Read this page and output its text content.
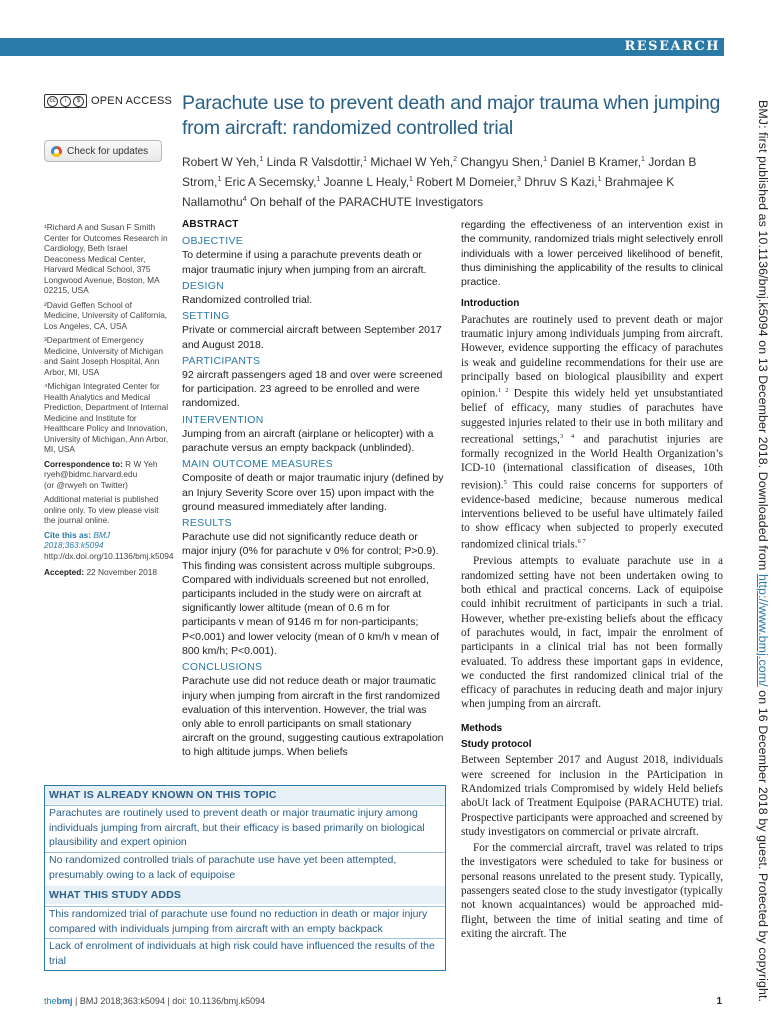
RESEARCH
cc	i	$ OPEN ACCESS
Check for updates
Parachute use to prevent death and major trauma when jumping from aircraft: randomized controlled trial
Robert W Yeh,$^1$ Linda R Valsdottir,$^1$ Michael W Yeh,$^2$ Changyu Shen,$^1$ Daniel B Kramer,$^1$ Jordan B Strom,$^1$ Eric A Secemsky,$^1$ Joanne L Healy,$^1$ Robert M Domeier,$^3$ Dhruv S Kazi,$^1$ Brahmajee K Nallamothu$^4$ On behalf of the PARACHUTE Investigators

¹Richard A and Susan F Smith Center for Outcomes Research in Cardiology, Beth Israel Deaconess Medical Center, Harvard Medical School, 375 Longwood Avenue, Boston, MA 02215, USA

²David Geffen School of Medicine, University of California, Los Angeles, CA, USA

³Department of Emergency Medicine, University of Michigan and Saint Joseph Hospital, Ann Arbor, MI, USA

⁴Michigan Integrated Center for Health Analytics and Medical Prediction, Department of Internal Medicine and Institute for Healthcare Policy and Innovation, University of Michigan, Ann Arbor, MI, USA

Correspondence to: R W Yeh
ryeh@bidmc.harvard.edu
(or @rwyeh on Twitter)

Additional material is published online only. To view please visit the journal online.

Cite this as: BMJ 2018;363:k5094
http://dx.doi.org/10.1136/bmj.k5094

Accepted: 22 November 2018

ABSTRACT
OBJECTIVE

To determine if using a parachute prevents death or major traumatic injury when jumping from an aircraft.

DESIGN

Randomized controlled trial.

SETTING

Private or commercial aircraft between September 2017 and August 2018.

PARTICIPANTS

92 aircraft passengers aged 18 and over were screened for participation. 23 agreed to be enrolled and were randomized.

INTERVENTION

Jumping from an aircraft (airplane or helicopter) with a parachute versus an empty backpack (unblinded).

MAIN OUTCOME MEASURES

Composite of death or major traumatic injury (defined by an Injury Severity Score over 15) upon impact with the ground measured immediately after landing.

RESULTS

Parachute use did not significantly reduce death or major injury (0% for parachute v 0% for control; P>0.9). This finding was consistent across multiple subgroups. Compared with individuals screened but not enrolled, participants included in the study were on aircraft at significantly lower altitude (mean of 0.6 m for participants v mean of 9146 m for non-participants; P<0.001) and lower velocity (mean of 0 km/h v mean of 800 km/h; P<0.001).

CONCLUSIONS

Parachute use did not reduce death or major traumatic injury when jumping from aircraft in the first randomized evaluation of this intervention. However, the trial was only able to enroll participants on small stationary aircraft on the ground, suggesting cautious extrapolation to high altitude jumps. When beliefs

regarding the effectiveness of an intervention exist in the community, randomized trials might selectively enroll individuals with a lower perceived likelihood of benefit, thus diminishing the applicability of the results to clinical practice.

Introduction

Parachutes are routinely used to prevent death or major traumatic injury among individuals jumping from aircraft. However, evidence supporting the efficacy of parachutes is weak and guideline recommendations for their use are principally based on biological plausibility and expert opinion.$^{1 2}$ Despite this widely held yet unsubstantiated belief of efficacy, many studies of parachutes have suggested injuries related to their use in both military and recreational settings,$^{3 4}$ and parachutist injuries are formally recognized in the World Health Organization’s ICD-10 (international classification of diseases, 10th revision).$^5$ This could raise concerns for supporters of evidence-based medicine, because numerous medical interventions believed to be useful have ultimately failed to show efficacy when subjected to properly executed randomized clinical trials.$^{6 7}$

Previous attempts to evaluate parachute use in a randomized setting have not been undertaken owing to both ethical and practical concerns. Lack of equipoise could inhibit recruitment of participants in such a trial. However, whether pre-existing beliefs about the efficacy of parachutes would, in fact, impair the enrolment of participants in a clinical trial has not been formally evaluated. To address these important gaps in evidence, we conducted the first randomized clinical trial of the efficacy of parachutes in reducing death and major injury when jumping from an aircraft.

Methods
Study protocol

Between September 2017 and August 2018, individuals were screened for inclusion in the PArticipation in RAndomized trials Compromised by widely Held beliefs aboUt lack of Treatment Equipoise (PARACHUTE) trial. Prospective participants were approached and screened by study investigators on commercial or private aircraft.

For the commercial aircraft, travel was related to trips the investigators were scheduled to take for business or personal reasons unrelated to the present study. Typically, passengers seated close to the study investigator (typically not known acquaintances) would be approached mid-flight, between the time of initial seating and time of exiting the aircraft. The

WHAT IS ALREADY KNOWN ON THIS TOPIC
Parachutes are routinely used to prevent death or major traumatic injury among individuals jumping from aircraft, but their efficacy is based primarily on biological plausibility and expert opinion
No randomized controlled trials of parachute use have yet been attempted, presumably owing to a lack of equipoise
WHAT THIS STUDY ADDS
This randomized trial of parachute use found no reduction in death or major injury compared with individuals jumping from aircraft with an empty backpack
Lack of enrolment of individuals at high risk could have influenced the results of the trial
thebmj | BMJ 2018;363:k5094 | doi: 10.1136/bmj.k5094	1
BMJ: first published as 10.1136/bmj.k5094 on 13 December 2018. Downloaded from http://www.bmj.com/ on 16 December 2018 by guest. Protected by copyright.
